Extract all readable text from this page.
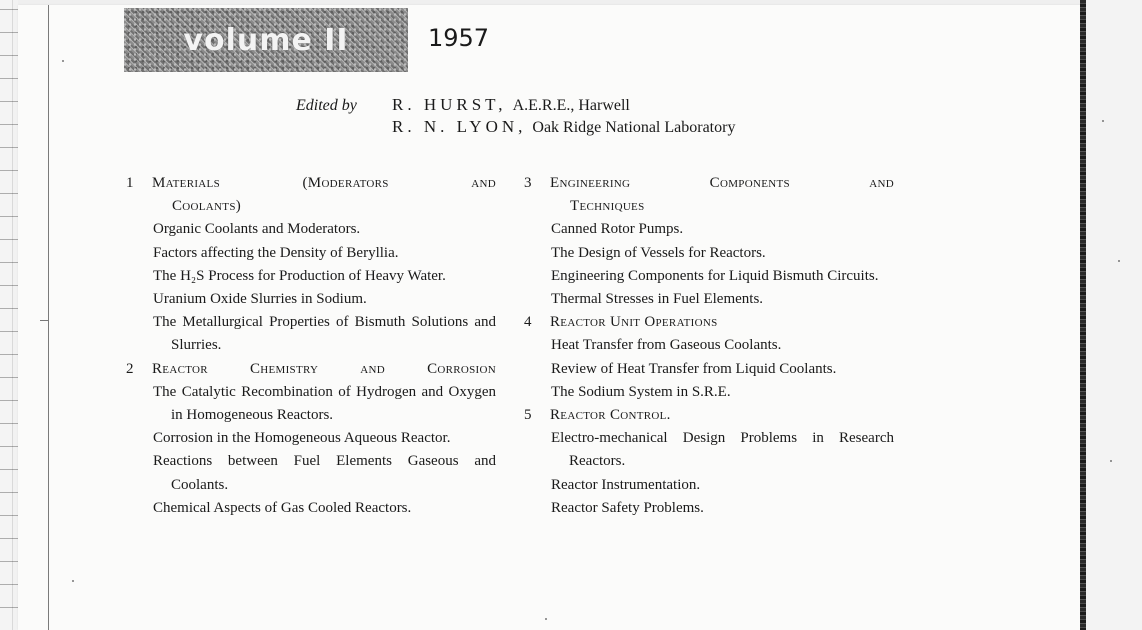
volume II	1957
Edited by R. HURST, A.E.R.E., Harwell
R. N. LYON, Oak Ridge National Laboratory
1	Materials (Moderators and
Coolants)
Organic Coolants and Moderators.
Factors affecting the Density of Beryllia.
The H₂S Process for Production of Heavy Water.
Uranium Oxide Slurries in Sodium.
The Metallurgical Properties of Bismuth Solutions and Slurries.
2	Reactor Chemistry and Corrosion
The Catalytic Recombination of Hydrogen and Oxygen in Homogeneous Reactors.
Corrosion in the Homogeneous Aqueous Reactor.
Reactions between Fuel Elements Gaseous and Coolants.
Chemical Aspects of Gas Cooled Reactors.
3	Engineering Components and
Techniques
Canned Rotor Pumps.
The Design of Vessels for Reactors.
Engineering Components for Liquid Bismuth Circuits.
Thermal Stresses in Fuel Elements.
4	Reactor Unit Operations
Heat Transfer from Gaseous Coolants.
Review of Heat Transfer from Liquid Coolants.
The Sodium System in S.R.E.
5	Reactor Control.
Electro-mechanical Design Problems in Research Reactors.
Reactor Instrumentation.
Reactor Safety Problems.
